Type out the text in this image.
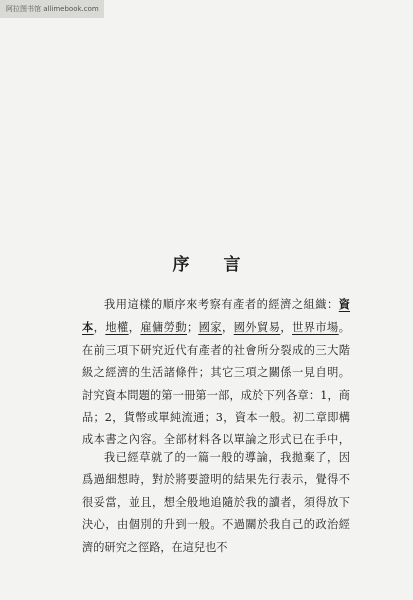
阿拉图书馆 allimebook.com
序言

我用這樣的順序來考察有產者的經濟之組織：資本，地權，雇傭勞動；國家，國外貿易，世界市場。在前三項下研究近代有產者的社會所分裂成的三大階級之經濟的生活諸條件；其它三項之關係一見自明。討究資本問題的第一冊第一部，成於下列各章：1，商品；2，貨幣或單純流通；3，資本一般。初二章即構成本書之內容。全部材料各以單論之形式已在手中，

我已經草就了的一篇一般的導論，我拋棄了，因爲過細想時，對於將要證明的結果先行表示，覺得不很妥當，並且，想全般地追隨於我的讀者，須得放下決心，由個別的升到一般。不過關於我自己的政治經濟的研究之徑路，在這兒也不
